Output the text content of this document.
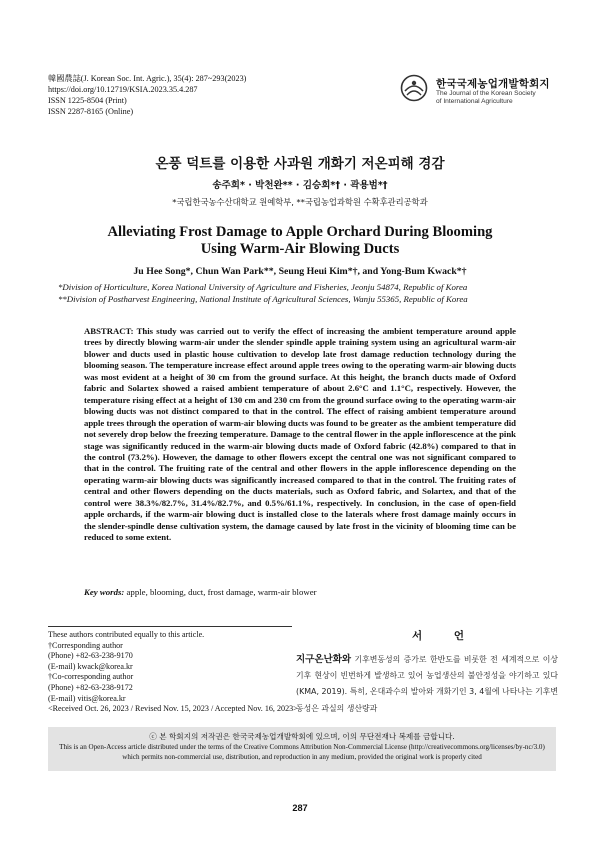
韓國農誌(J. Korean Soc. Int. Agric.), 35(4): 287~293(2023)
https://doi.org/10.12719/KSIA.2023.35.4.287
ISSN 1225-8504 (Print)
ISSN 2287-8165 (Online)
한국국제농업개발학회지
The Journal of the Korean Society
of International Agriculture
온풍 덕트를 이용한 사과원 개화기 저온피해 경감
송주희* · 박천완** · 김승희*† · 곽용범*†
*국립한국농수산대학교 원예학부, **국립농업과학원 수확후관리공학과
Alleviating Frost Damage to Apple Orchard During Blooming
Using Warm-Air Blowing Ducts
Ju Hee Song*, Chun Wan Park**, Seung Heui Kim*†, and Yong-Bum Kwack*†
*Division of Horticulture, Korea National University of Agriculture and Fisheries, Jeonju 54874, Republic of Korea
**Division of Postharvest Engineering, National Institute of Agricultural Sciences, Wanju 55365, Republic of Korea
ABSTRACT: This study was carried out to verify the effect of increasing the ambient temperature around apple trees by directly blowing warm-air under the slender spindle apple training system using an agricultural warm-air blower and ducts used in plastic house cultivation to develop late frost damage reduction technology during the blooming season. The temperature increase effect around apple trees owing to the operating warm-air blowing ducts was most evident at a height of 30 cm from the ground surface. At this height, the branch ducts made of Oxford fabric and Solartex showed a raised ambient temperature of about 2.6°C and 1.1°C, respectively. However, the temperature rising effect at a height of 130 cm and 230 cm from the ground surface owing to the operating warm-air blowing ducts was not distinct compared to that in the control. The effect of raising ambient temperature around apple trees through the operation of warm-air blowing ducts was found to be greater as the ambient temperature did not severely drop below the freezing temperature. Damage to the central flower in the apple inflorescence at the pink stage was significantly reduced in the warm-air blowing ducts made of Oxford fabric (42.8%) compared to that in the control (73.2%). However, the damage to other flowers except the central one was not significant compared to that in the control. The fruiting rate of the central and other flowers in the apple inflorescence depending on the operating warm-air blowing ducts was significantly increased compared to that in the control. The fruiting rates of central and other flowers depending on the ducts materials, such as Oxford fabric, and Solartex, and that of the control were 38.3%/82.7%, 31.4%/82.7%, and 0.5%/61.1%, respectively. In conclusion, in the case of open-field apple orchards, if the warm-air blowing duct is installed close to the laterals where frost damage mainly occurs in the slender-spindle dense cultivation system, the damage caused by late frost in the vicinity of blooming time can be reduced to some extent.
Key words: apple, blooming, duct, frost damage, warm-air blower
These authors contributed equally to this article.
†Corresponding author
(Phone) +82-63-238-9170
(E-mail) kwack@korea.kr
†Co-corresponding author
(Phone) +82-63-238-9172
(E-mail) vitis@korea.kr
<Received Oct. 26, 2023 / Revised Nov. 15, 2023 / Accepted Nov. 16, 2023>
서 언
지구온난화와 기후변동성의 증가로 한반도를 비롯한 전 세계적으로 이상기후 현상이 빈번하게 발생하고 있어 농업생산의 불안정성을 야기하고 있다(KMA, 2019). 특히, 온대과수의 발아와 개화기인 3, 4월에 나타나는 기후변동성은 과실의 생산량과
ⓒ 본 학회지의 저작권은 한국국제농업개발학회에 있으며, 이의 무단전재나 복제를 금합니다.
This is an Open-Access article distributed under the terms of the Creative Commons Attribution Non-Commercial License (http://creativecommons.org/licenses/by-nc/3.0) which permits non-commercial use, distribution, and reproduction in any medium, provided the original work is properly cited
287
